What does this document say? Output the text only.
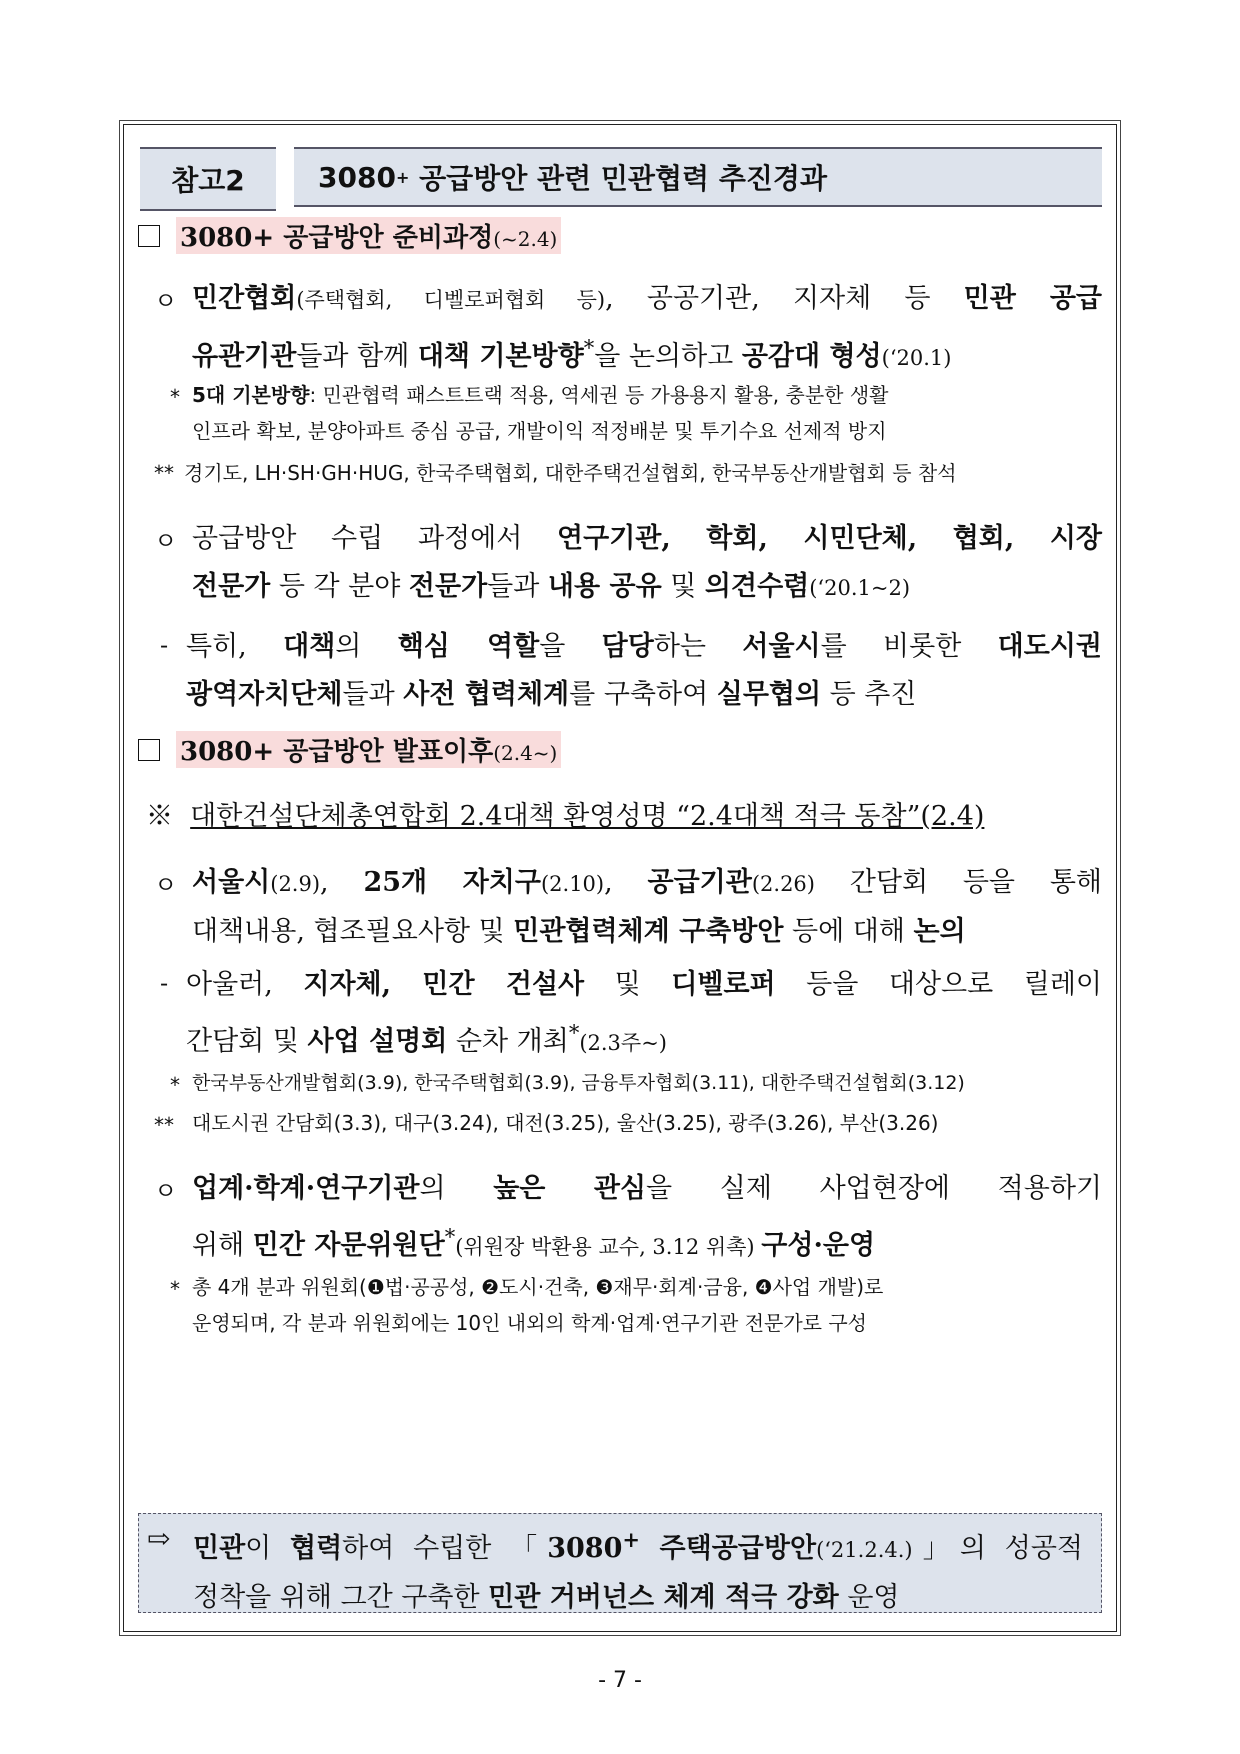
참고2	3080 + 공급방안 관련 민관협력 추진경과
3080+ 공급방안 준비과정(~2.4)
ㅇ 민간협회(주택협회, 디벨로퍼협회 등), 공공기관, 지자체 등 민관 공급
유관기관들과 함께 대책 기본방향*을 논의하고 공감대 형성(‘20.1)
* 5대 기본방향: 민관협력 패스트트랙 적용, 역세권 등 가용용지 활용, 충분한 생활
인프라 확보, 분양아파트 중심 공급, 개발이익 적정배분 및 투기수요 선제적 방지
** 경기도, LH·SH·GH·HUG, 한국주택협회, 대한주택건설협회, 한국부동산개발협회 등 참석
ㅇ 공급방안 수립 과정에서 연구기관, 학회, 시민단체, 협회, 시장
전문가 등 각 분야 전문가들과 내용 공유 및 의견수렴(‘20.1~2)
- 특히, 대책의 핵심 역할을 담당하는 서울시를 비롯한 대도시권
광역자치단체들과 사전 협력체계를 구축하여 실무협의 등 추진
3080+ 공급방안 발표이후(2.4~)
※ 대한건설단체총연합회 2.4대책 환영성명 “2.4대책 적극 동참”(2.4)
ㅇ 서울시(2.9), 25개 자치구(2.10), 공급기관(2.26) 간담회 등을 통해
대책내용, 협조필요사항 및 민관협력체계 구축방안 등에 대해 논의
- 아울러, 지자체, 민간 건설사 및 디벨로퍼 등을 대상으로 릴레이
간담회 및 사업 설명회 순차 개최*(2.3주~)
* 한국부동산개발협회(3.9), 한국주택협회(3.9), 금융투자협회(3.11), 대한주택건설협회(3.12)
** 대도시권 간담회(3.3), 대구(3.24), 대전(3.25), 울산(3.25), 광주(3.26), 부산(3.26)
ㅇ 업계·학계·연구기관의 높은 관심을 실제 사업현장에 적용하기
위해 민간 자문위원단*(위원장 박환용 교수, 3.12 위촉) 구성·운영
* 총 4개 분과 위원회(❶법·공공성, ❷도시·건축, ❸재무·회계·금융, ❹사업 개발)로
운영되며, 각 분과 위원회에는 10인 내외의 학계·업계·연구기관 전문가로 구성
⇨ 민관이 협력하여 수립한 「3080+ 주택공급방안(‘21.2.4.)」의 성공적
정착을 위해 그간 구축한 민관 거버넌스 체계 적극 강화 운영
- 7 -
